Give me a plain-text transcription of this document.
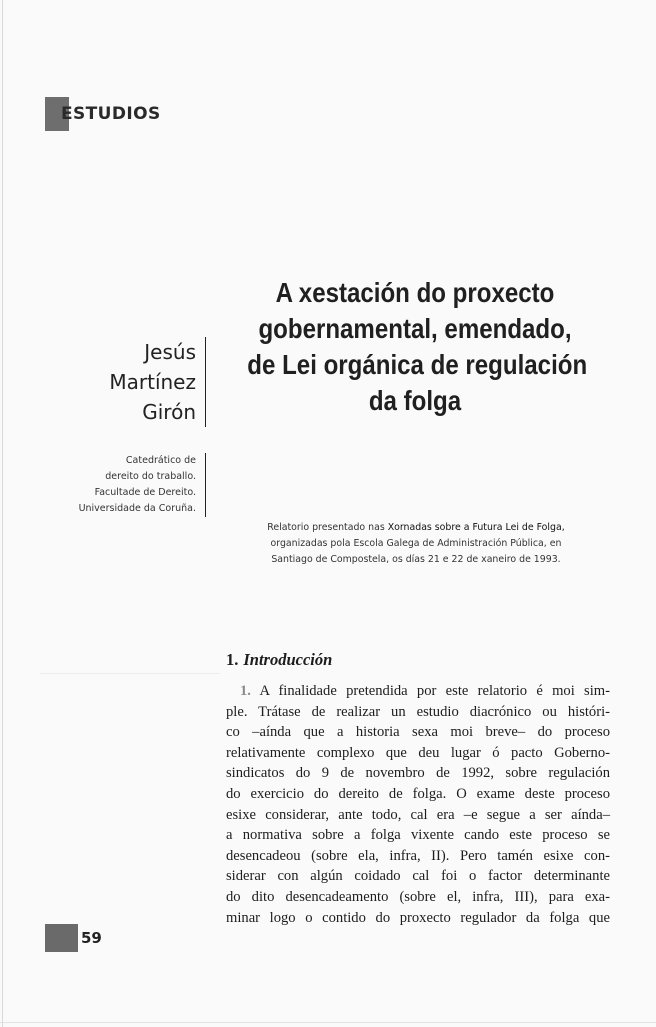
ESTUDIOS
Jesús
Martínez
Girón
Catedrático de
dereito do traballo.
Facultade de Dereito.
Universidade da Coruña.
A xestación do proxecto
gobernamental, emendado,
de Lei orgánica de regulación
da folga
Relatorio presentado nas Xornadas sobre a Futura Lei de Folga,
organizadas pola Escola Galega de Administración Pública, en
Santiago de Compostela, os días 21 e 22 de xaneiro de 1993.
1. Introducción
1. A finalidade pretendida por este relatorio é moi sim-
ple. Trátase de realizar un estudio diacrónico ou históri-
co –aínda que a historia sexa moi breve– do proceso
relativamente complexo que deu lugar ó pacto Goberno-
sindicatos do 9 de novembro de 1992, sobre regulación
do exercicio do dereito de folga. O exame deste proceso
esixe considerar, ante todo, cal era –e segue a ser aínda–
a normativa sobre a folga vixente cando este proceso se
desencadeou (sobre ela, infra, II). Pero tamén esixe con-
siderar con algún coidado cal foi o factor determinante
do dito desencadeamento (sobre el, infra, III), para exa-
minar logo o contido do proxecto regulador da folga que
59
